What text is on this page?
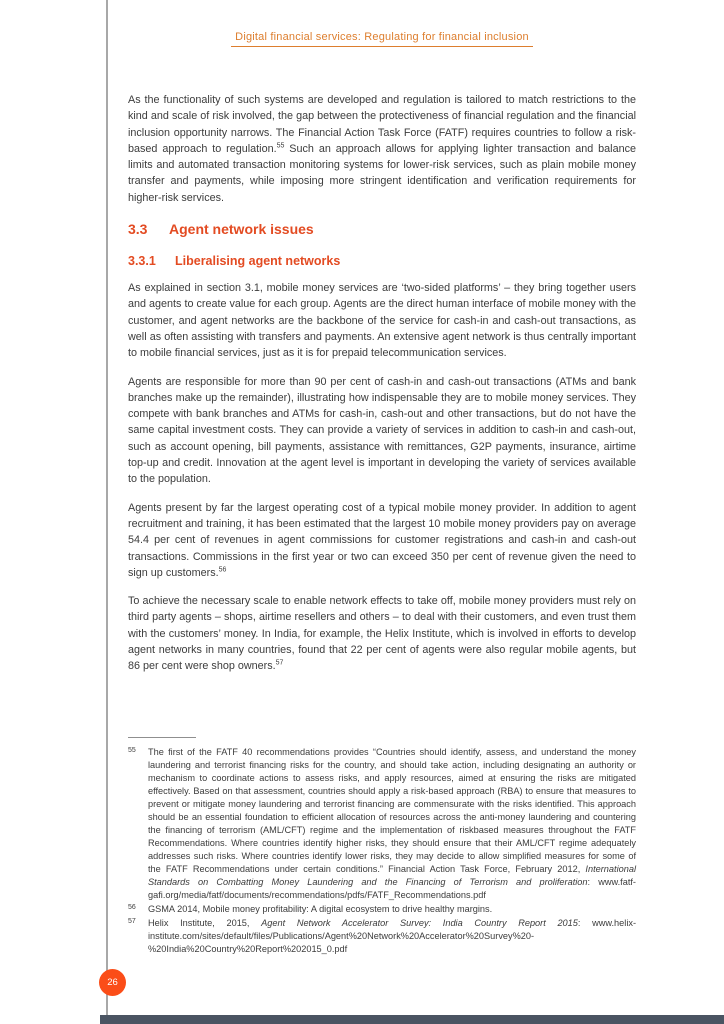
Digital financial services: Regulating for financial inclusion

As the functionality of such systems are developed and regulation is tailored to match restrictions to the kind and scale of risk involved, the gap between the protectiveness of financial regulation and the financial inclusion opportunity narrows. The Financial Action Task Force (FATF) requires countries to follow a risk-based approach to regulation.$^{55}$ Such an approach allows for applying lighter transaction and balance limits and automated transaction monitoring systems for lower-risk services, such as plain mobile money transfer and payments, while imposing more stringent identification and verification requirements for higher-risk services.

3.3	Agent network issues
3.3.1	Liberalising agent networks

As explained in section 3.1, mobile money services are ‘two-sided platforms’ – they bring together users and agents to create value for each group. Agents are the direct human interface of mobile money with the customer, and agent networks are the backbone of the service for cash-in and cash-out transactions, as well as often assisting with transfers and payments. An extensive agent network is thus centrally important to mobile financial services, just as it is for prepaid telecommunication services.

Agents are responsible for more than 90 per cent of cash-in and cash-out transactions (ATMs and bank branches make up the remainder), illustrating how indispensable they are to mobile money services. They compete with bank branches and ATMs for cash-in, cash-out and other transactions, but do not have the same capital investment costs. They can provide a variety of services in addition to cash-in and cash-out, such as account opening, bill payments, assistance with remittances, G2P payments, insurance, airtime top-up and credit. Innovation at the agent level is important in developing the variety of services available to the population.

Agents present by far the largest operating cost of a typical mobile money provider. In addition to agent recruitment and training, it has been estimated that the largest 10 mobile money providers pay on average 54.4 per cent of revenues in agent commissions for customer registrations and cash-in and cash-out transactions. Commissions in the first year or two can exceed 350 per cent of revenue given the need to sign up customers.$^{56}$

To achieve the necessary scale to enable network effects to take off, mobile money providers must rely on third party agents – shops, airtime resellers and others – to deal with their customers, and even trust them with the customers’ money. In India, for example, the Helix Institute, which is involved in efforts to develop agent networks in many countries, found that 22 per cent of agents were also regular mobile agents, but 86 per cent were shop owners.$^{57}$

55	The first of the FATF 40 recommendations provides “Countries should identify, assess, and understand the money laundering and terrorist financing risks for the country, and should take action, including designating an authority or mechanism to coordinate actions to assess risks, and apply resources, aimed at ensuring the risks are mitigated effectively. Based on that assessment, countries should apply a risk-based approach (RBA) to ensure that measures to prevent or mitigate money laundering and terrorist financing are commensurate with the risks identified. This approach should be an essential foundation to efficient allocation of resources across the anti-money laundering and countering the financing of terrorism (AML/CFT) regime and the implementation of riskbased measures throughout the FATF Recommendations. Where countries identify higher risks, they should ensure that their AML/CFT regime adequately addresses such risks. Where countries identify lower risks, they may decide to allow simplified measures for some of the FATF Recommendations under certain conditions.” Financial Action Task Force, February 2012, International Standards on Combatting Money Laundering and the Financing of Terrorism and proliferation: www.fatf-gafi.org/media/fatf/documents/recommendations/pdfs/FATF_Recommendations.pdf
56	GSMA 2014, Mobile money profitability: A digital ecosystem to drive healthy margins.
57	Helix Institute, 2015, Agent Network Accelerator Survey: India Country Report 2015: www.helix-institute.com/sites/default/files/Publications/Agent%20Network%20Accelerator%20Survey%20-%20India%20Country%20Report%202015_0.pdf
26
